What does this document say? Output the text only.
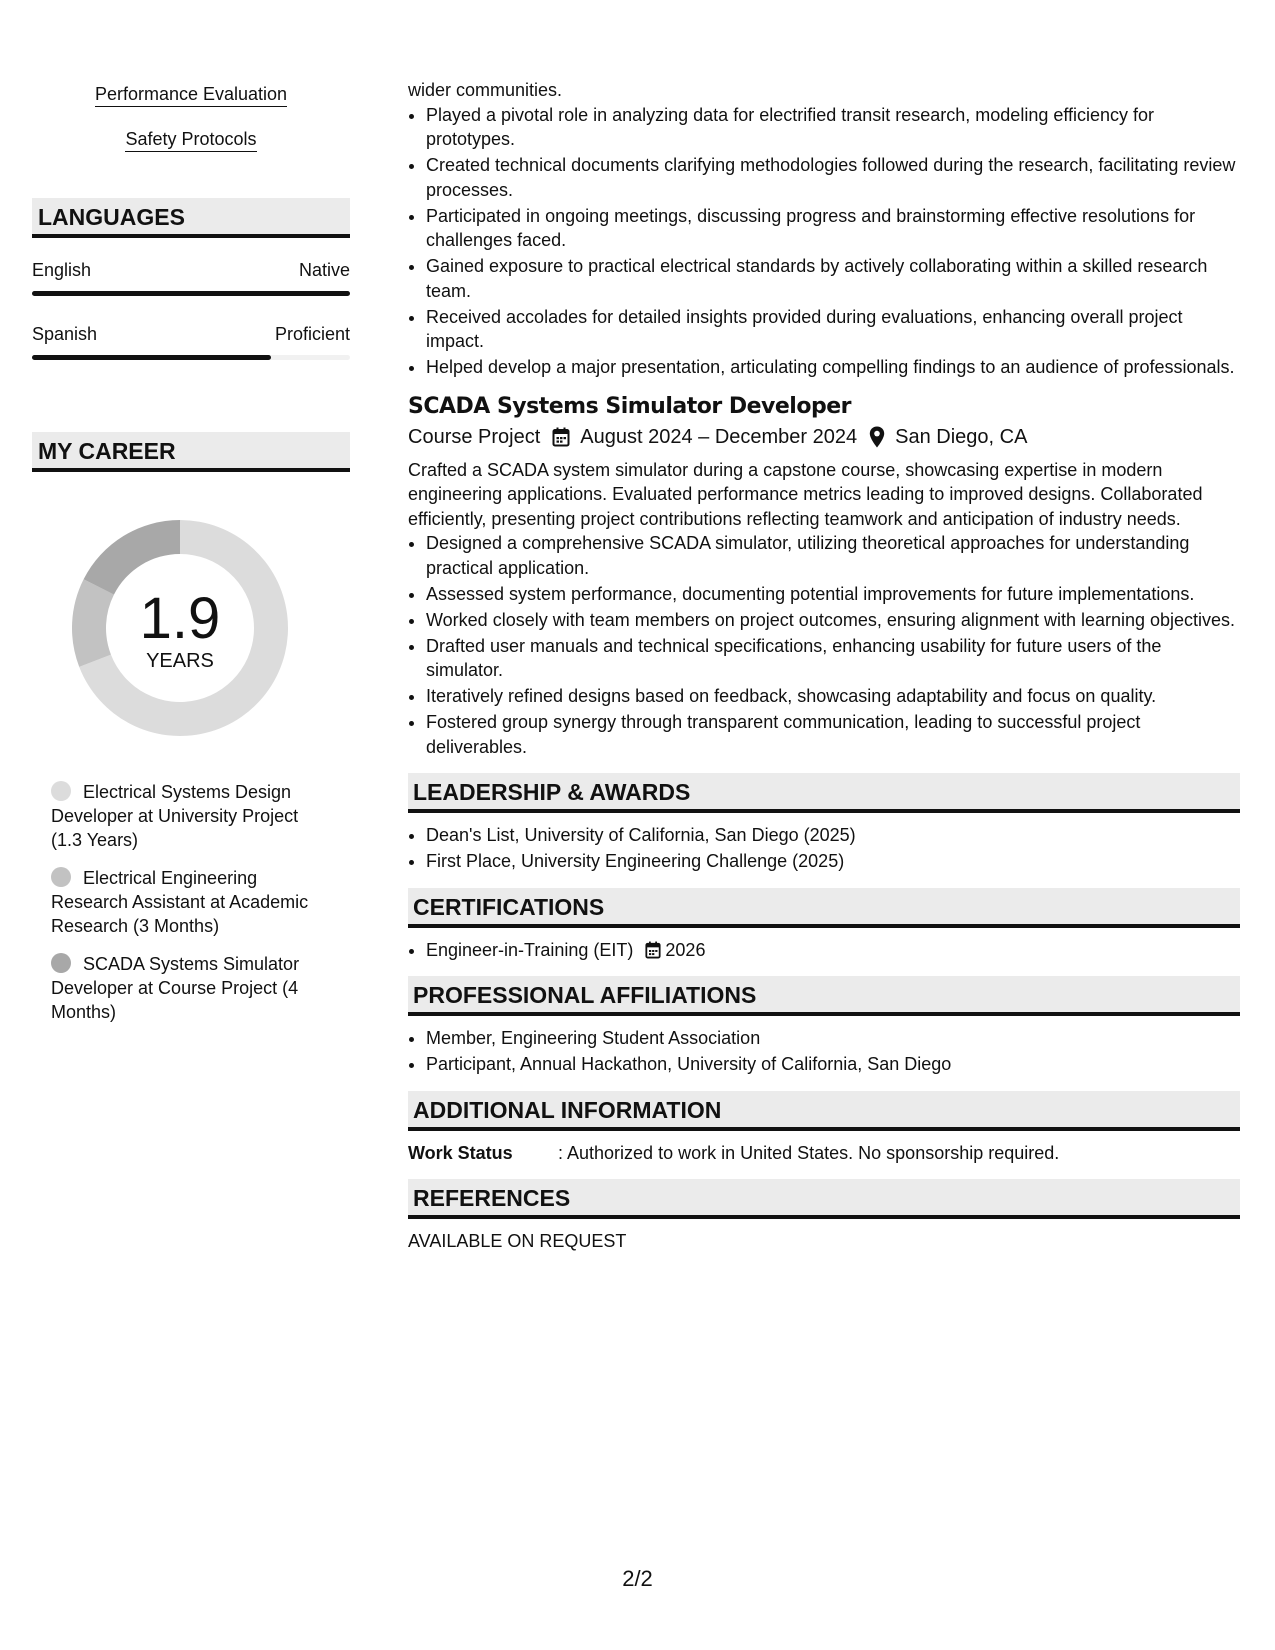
Performance Evaluation
Safety Protocols
LANGUAGES
English	Native
Spanish	Proficient
MY CAREER
1.9
YEARS
Electrical Systems Design Developer at University Project (1.3 Years)
Electrical Engineering Research Assistant at Academic Research (3 Months)
SCADA Systems Simulator Developer at Course Project (4 Months)
wider communities.
• Played a pivotal role in analyzing data for electrified transit research, modeling efficiency for prototypes.
• Created technical documents clarifying methodologies followed during the research, facilitating review processes.
• Participated in ongoing meetings, discussing progress and brainstorming effective resolutions for challenges faced.
• Gained exposure to practical electrical standards by actively collaborating within a skilled research team.
• Received accolades for detailed insights provided during evaluations, enhancing overall project impact.
• Helped develop a major presentation, articulating compelling findings to an audience of professionals.
SCADA Systems Simulator Developer
Course Project August 2024 – December 2024 San Diego, CA
Crafted a SCADA system simulator during a capstone course, showcasing expertise in modern engineering applications. Evaluated performance metrics leading to improved designs. Collaborated efficiently, presenting project contributions reflecting teamwork and anticipation of industry needs.
• Designed a comprehensive SCADA simulator, utilizing theoretical approaches for understanding practical application.
• Assessed system performance, documenting potential improvements for future implementations.
• Worked closely with team members on project outcomes, ensuring alignment with learning objectives.
• Drafted user manuals and technical specifications, enhancing usability for future users of the simulator.
• Iteratively refined designs based on feedback, showcasing adaptability and focus on quality.
• Fostered group synergy through transparent communication, leading to successful project deliverables.
LEADERSHIP & AWARDS
• Dean's List, University of California, San Diego (2025)
• First Place, University Engineering Challenge (2025)
CERTIFICATIONS
• Engineer-in-Training (EIT) 2026
PROFESSIONAL AFFILIATIONS
• Member, Engineering Student Association
• Participant, Annual Hackathon, University of California, San Diego
ADDITIONAL INFORMATION
Work Status	: Authorized to work in United States. No sponsorship required.
REFERENCES
AVAILABLE ON REQUEST
2/2
